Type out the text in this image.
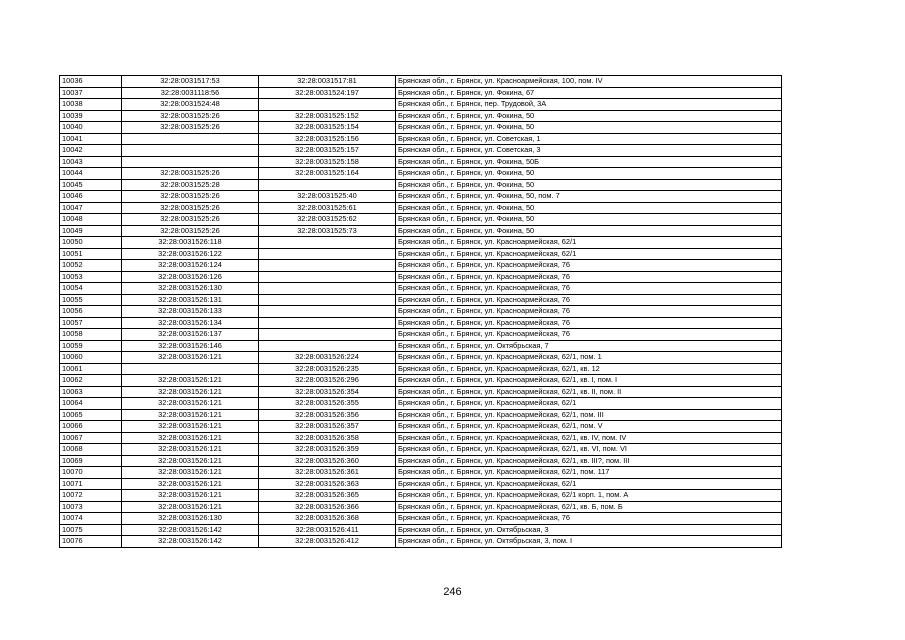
10036	32:28:0031517:53	32:28:0031517:81	Брянская обл., г. Брянск, ул. Красноармейская, 100, пом. IV
10037	32:28:0031118:56	32:28:0031524:197	Брянская обл., г. Брянск, ул. Фокина, 67
10038	32:28:0031524:48		Брянская обл., г. Брянск, пер. Трудовой, 3А
10039	32:28:0031525:26	32:28:0031525:152	Брянская обл., г. Брянск, ул. Фокина, 50
10040	32:28:0031525:26	32:28:0031525:154	Брянская обл., г. Брянск, ул. Фокина, 50
10041		32:28:0031525:156	Брянская обл., г. Брянск, ул. Советская, 1
10042		32:28:0031525:157	Брянская обл., г. Брянск, ул. Советская, 3
10043		32:28:0031525:158	Брянская обл., г. Брянск, ул. Фокина, 50Б
10044	32:28:0031525:26	32:28:0031525:164	Брянская обл., г. Брянск, ул. Фокина, 50
10045	32:28:0031525:28		Брянская обл., г. Брянск, ул. Фокина, 50
10046	32:28:0031525:26	32:28:0031525:40	Брянская обл., г. Брянск, ул. Фокина, 50, пом. 7
10047	32:28:0031525:26	32:28:0031525:61	Брянская обл., г. Брянск, ул. Фокина, 50
10048	32:28:0031525:26	32:28:0031525:62	Брянская обл., г. Брянск, ул. Фокина, 50
10049	32:28:0031525:26	32:28:0031525:73	Брянская обл., г. Брянск, ул. Фокина, 50
10050	32:28:0031526:118		Брянская обл., г. Брянск, ул. Красноармейская, 62/1
10051	32:28:0031526:122		Брянская обл., г. Брянск, ул. Красноармейская, 62/1
10052	32:28:0031526:124		Брянская обл., г. Брянск, ул. Красноармейская, 76
10053	32:28:0031526:126		Брянская обл., г. Брянск, ул. Красноармейская, 76
10054	32:28:0031526:130		Брянская обл., г. Брянск, ул. Красноармейская, 76
10055	32:28:0031526:131		Брянская обл., г. Брянск, ул. Красноармейская, 76
10056	32:28:0031526:133		Брянская обл., г. Брянск, ул. Красноармейская, 76
10057	32:28:0031526:134		Брянская обл., г. Брянск, ул. Красноармейская, 76
10058	32:28:0031526:137		Брянская обл., г. Брянск, ул. Красноармейская, 76
10059	32:28:0031526:146		Брянская обл., г. Брянск, ул. Октябрьская, 7
10060	32:28:0031526:121	32:28:0031526:224	Брянская обл., г. Брянск, ул. Красноармейская, 62/1, пом. 1
10061		32:28:0031526:235	Брянская обл., г. Брянск, ул. Красноармейская, 62/1, кв. 12
10062	32:28:0031526:121	32:28:0031526:296	Брянская обл., г. Брянск, ул. Красноармейская, 62/1, кв. I, пом. I
10063	32:28:0031526:121	32:28:0031526:354	Брянская обл., г. Брянск, ул. Красноармейская, 62/1, кв. II, пом. II
10064	32:28:0031526:121	32:28:0031526:355	Брянская обл., г. Брянск, ул. Красноармейская, 62/1
10065	32:28:0031526:121	32:28:0031526:356	Брянская обл., г. Брянск, ул. Красноармейская, 62/1, пом. III
10066	32:28:0031526:121	32:28:0031526:357	Брянская обл., г. Брянск, ул. Красноармейская, 62/1, пом. V
10067	32:28:0031526:121	32:28:0031526:358	Брянская обл., г. Брянск, ул. Красноармейская, 62/1, кв. IV, пом. IV
10068	32:28:0031526:121	32:28:0031526:359	Брянская обл., г. Брянск, ул. Красноармейская, 62/1, кв. VI, пом. VI
10069	32:28:0031526:121	32:28:0031526:360	Брянская обл., г. Брянск, ул. Красноармейская, 62/1, кв. III?, пом. III
10070	32:28:0031526:121	32:28:0031526:361	Брянская обл., г. Брянск, ул. Красноармейская, 62/1, пом. 117
10071	32:28:0031526:121	32:28:0031526:363	Брянская обл., г. Брянск, ул. Красноармейская, 62/1
10072	32:28:0031526:121	32:28:0031526:365	Брянская обл., г. Брянск, ул. Красноармейская, 62/1 корп. 1, пом. А
10073	32:28:0031526:121	32:28:0031526:366	Брянская обл., г. Брянск, ул. Красноармейская, 62/1, кв. Б, пом. Б
10074	32:28:0031526:130	32:28:0031526:368	Брянская обл., г. Брянск, ул. Красноармейская, 76
10075	32:28:0031526:142	32:28:0031526:411	Брянская обл., г. Брянск, ул. Октябрьская, 3
10076	32:28:0031526:142	32:28:0031526:412	Брянская обл., г. Брянск, ул. Октябрьская, 3, пом. I
246
